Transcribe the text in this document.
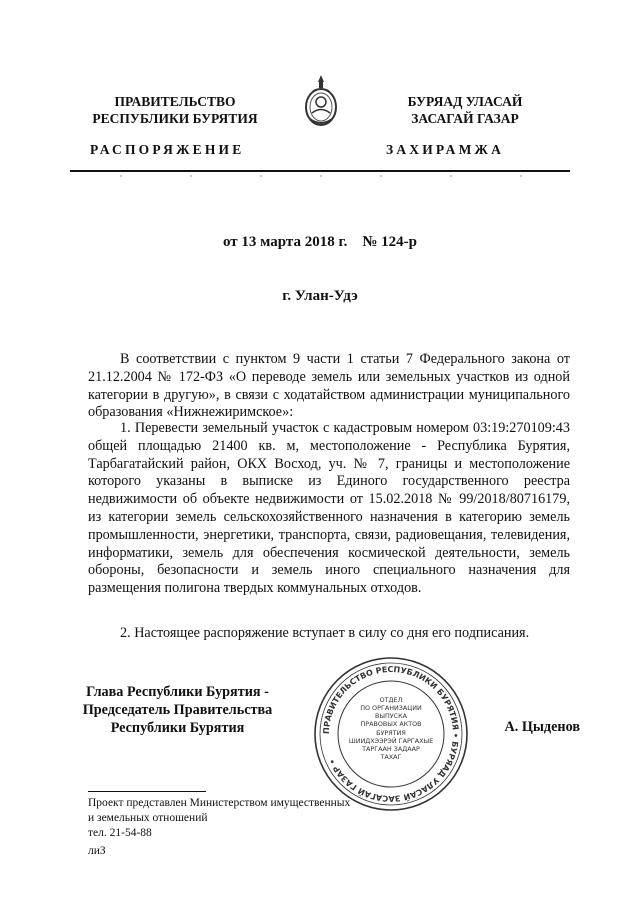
ПРАВИТЕЛЬСТВО
РЕСПУБЛИКИ БУРЯТИЯ
БУРЯАД УЛАСАЙ
ЗАСАГАЙ ГАЗАР
РАСПОРЯЖЕНИЕ	ЗАХИРАМЖА
от 13 марта 2018 г.    № 124-р
г. Улан-Удэ
В соответствии с пунктом 9 части 1 статьи 7 Федерального закона от 21.12.2004 № 172-ФЗ «О переводе земель или земельных участков из одной категории в другую», в связи с ходатайством администрации муниципального образования «Нижнежиримское»:
1. Перевести земельный участок с кадастровым номером 03:19:270109:43 общей площадью 21400 кв. м, местоположение - Республика Бурятия, Тарбагатайский район, ОКХ Восход, уч. № 7, границы и местоположение которого указаны в выписке из Единого государственного реестра недвижимости об объекте недвижимости от 15.02.2018 № 99/2018/80716179, из категории земель сельскохозяйственного назначения в категорию земель промышленности, энергетики, транспорта, связи, радиовещания, телевидения, информатики, земель для обеспечения космической деятельности, земель обороны, безопасности и земель иного специального назначения для размещения полигона твердых коммунальных отходов.
2. Настоящее распоряжение вступает в силу со дня его подписания.
Глава Республики Бурятия -
Председатель Правительства
Республики Бурятия	А. Цыденов
ПРАВИТЕЛЬСТВО РЕСПУБЛИКИ БУРЯТИЯ • БУРЯАД УЛАСАЙ ЗАСАГАЙ ГАЗАР •
ОТДЕЛ
ПО ОРГАНИЗАЦИИ
ВЫПУСКА
ПРАВОВЫХ АКТОВ
БУРЯТИЯ
ШИИДХЭЭРЭЙ ГАРГАХЫЕ
ТАРГААН ЗАДААР
ТАХАГ
Проект представлен Министерством имущественных
и земельных отношений
тел. 21-54-88
лиЗ
